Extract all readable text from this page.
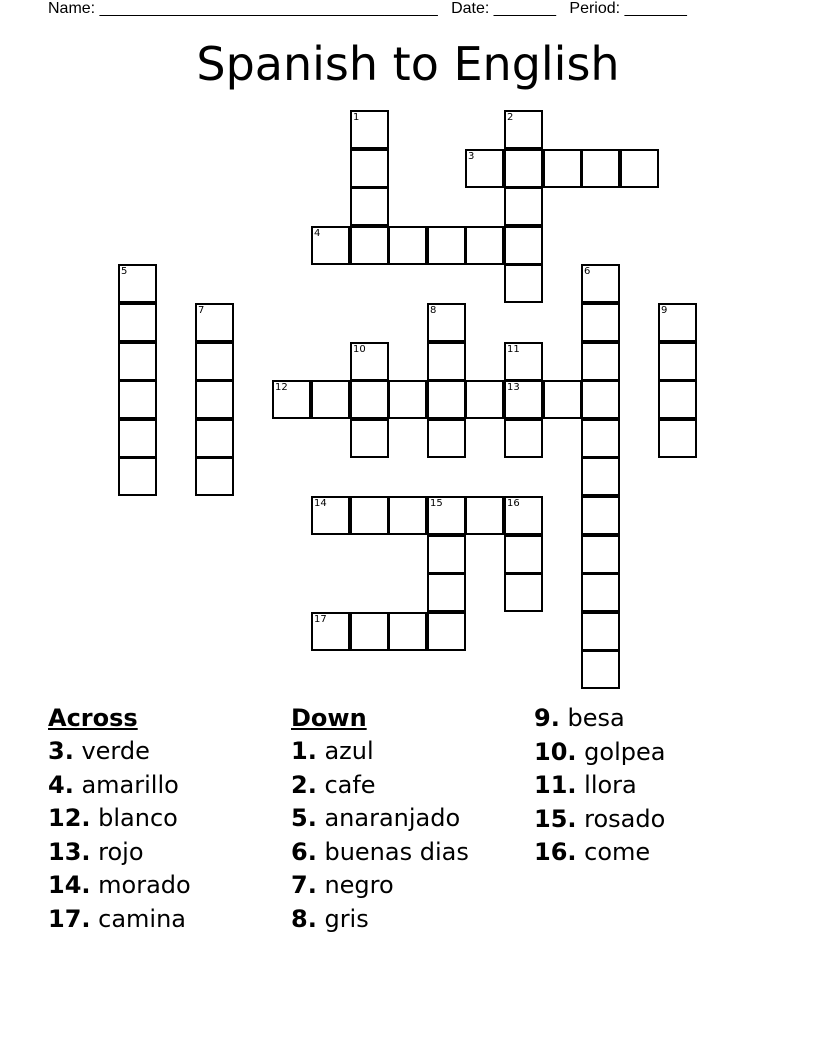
Name: ______________________________________ Date: _______ Period: _______
Spanish to English
1	2
3
4
5	6
7	8	9
10	11
13
12
14	15	16
17
Across
3. verde
4. amarillo
12. blanco
13. rojo
14. morado
17. camina
Down
1. azul
2. cafe
5. anaranjado
6. buenas dias
7. negro
8. gris
9. besa
10. golpea
11. llora
15. rosado
16. come
